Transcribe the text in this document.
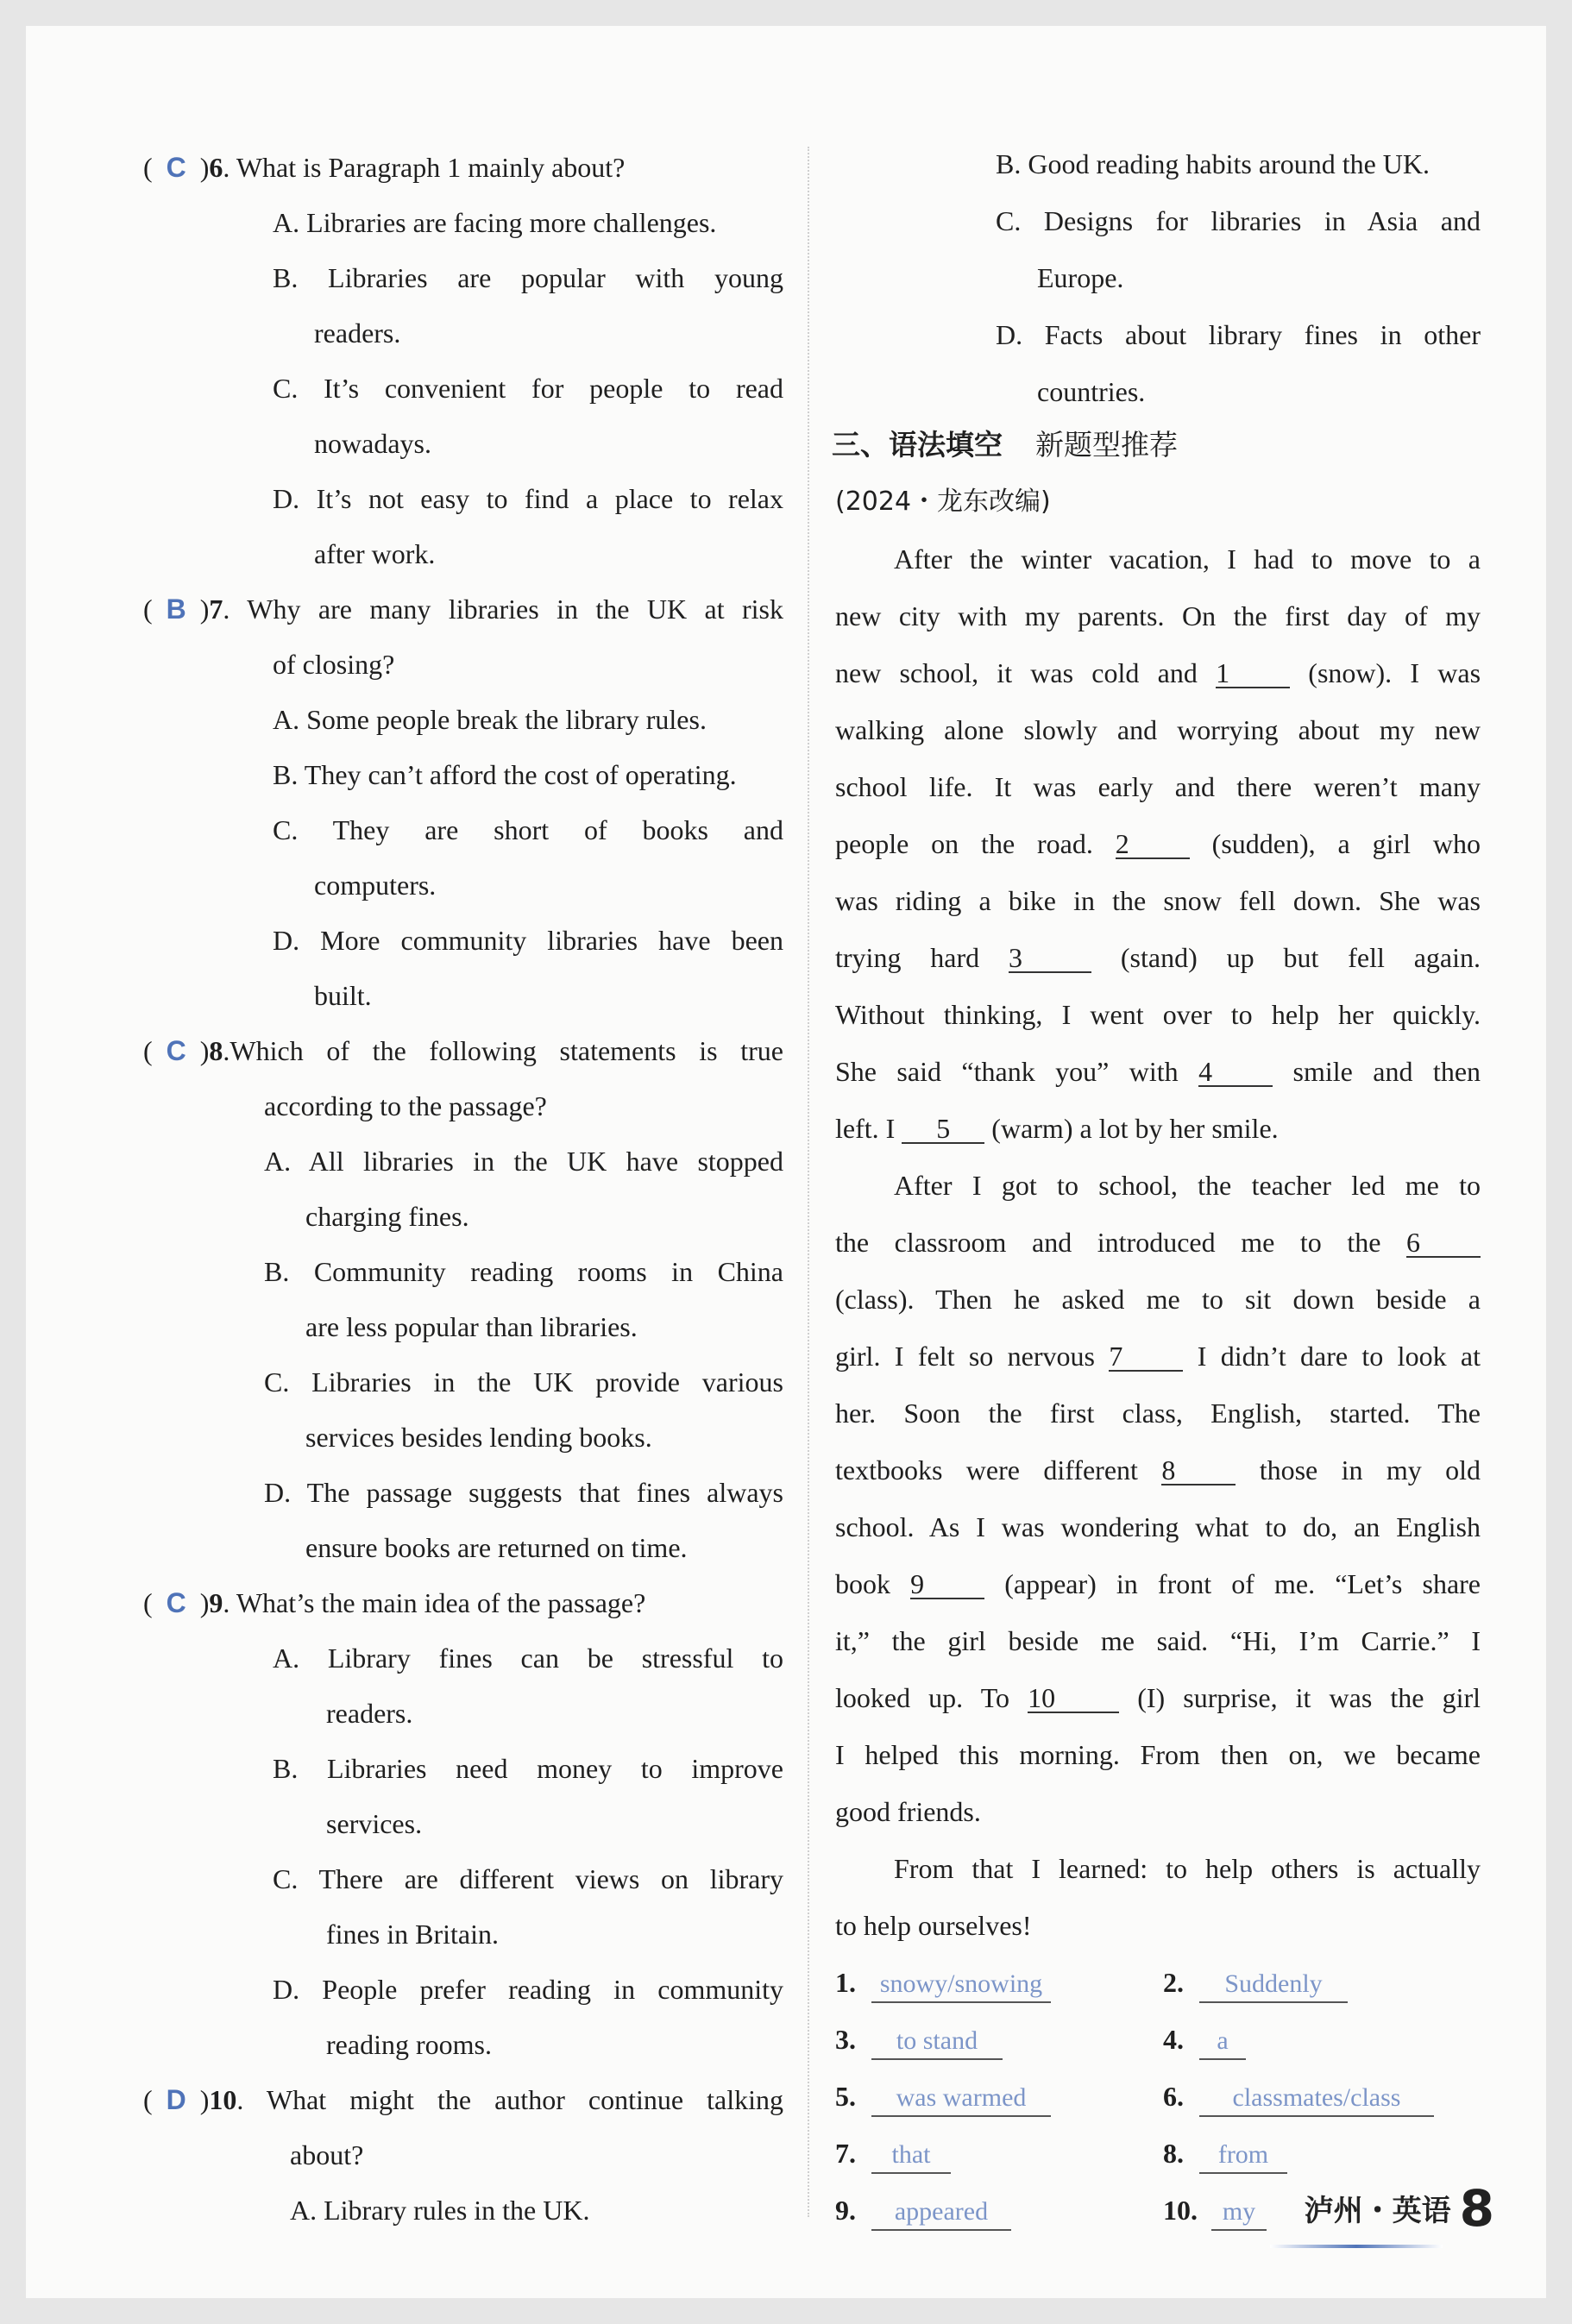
(  C  )6. What is Paragraph 1 mainly about?
A. Libraries are facing more challenges.
B. Libraries are popular with young
readers.
C. It’s convenient for people to read
nowadays.
D. It’s not easy to find a place to relax
after work.
(  B  )7. Why are many libraries in the UK at risk
of closing?
A. Some people break the library rules.
B. They can’t afford the cost of operating.
C. They are short of books and
computers.
D. More community libraries have been
built.
(  C  )8.Which of the following statements is true
according to the passage?
A. All libraries in the UK have stopped
charging fines.
B. Community reading rooms in China
are less popular than libraries.
C. Libraries in the UK provide various
services besides lending books.
D. The passage suggests that fines always
ensure books are returned on time.
(  C  )9. What’s the main idea of the passage?
A. Library fines can be stressful to
readers.
B. Libraries need money to improve
services.
C. There are different views on library
fines in Britain.
D. People prefer reading in community
reading rooms.
(  D  )10. What might the author continue talking
about?
A. Library rules in the UK.
B. Good reading habits around the UK.
C. Designs for libraries in Asia and
Europe.
D. Facts about library fines in other
countries.
三、语法填空 新题型推荐
(2024・龙东改编)
After the winter vacation, I had to move to a
new city with my parents. On the first day of my
new school, it was cold and 1	(snow). I was
walking alone slowly and worrying about my new
school life. It was early and there weren’t many
people on the road. 2	(sudden), a girl who
was riding a bike in the snow fell down. She was
trying hard 3	(stand) up but fell again.
Without thinking, I went over to help her quickly.
She said “thank you” with 4	smile and then
left. I 5 (warm) a lot by her smile.
After I got to school, the teacher led me to
the classroom and introduced me to the 6
(class). Then he asked me to sit down beside a
girl. I felt so nervous 7	I didn’t dare to look at
her. Soon the first class, English, started. The
textbooks were different 8	those in my old
school. As I was wondering what to do, an English
book 9	(appear) in front of me. “Let’s share
it,” the girl beside me said. “Hi, I’m Carrie.” I
looked up. To 10	(I) surprise, it was the girl
I helped this morning. From then on, we became
good friends.
From that I learned: to help others is actually
to help ourselves!
1. snowy/snowing	2. Suddenly
3. to stand	4. a
5. was warmed	6. classmates/class
7. that	8. from
9. appeared	10. my	泸州・英语 8
